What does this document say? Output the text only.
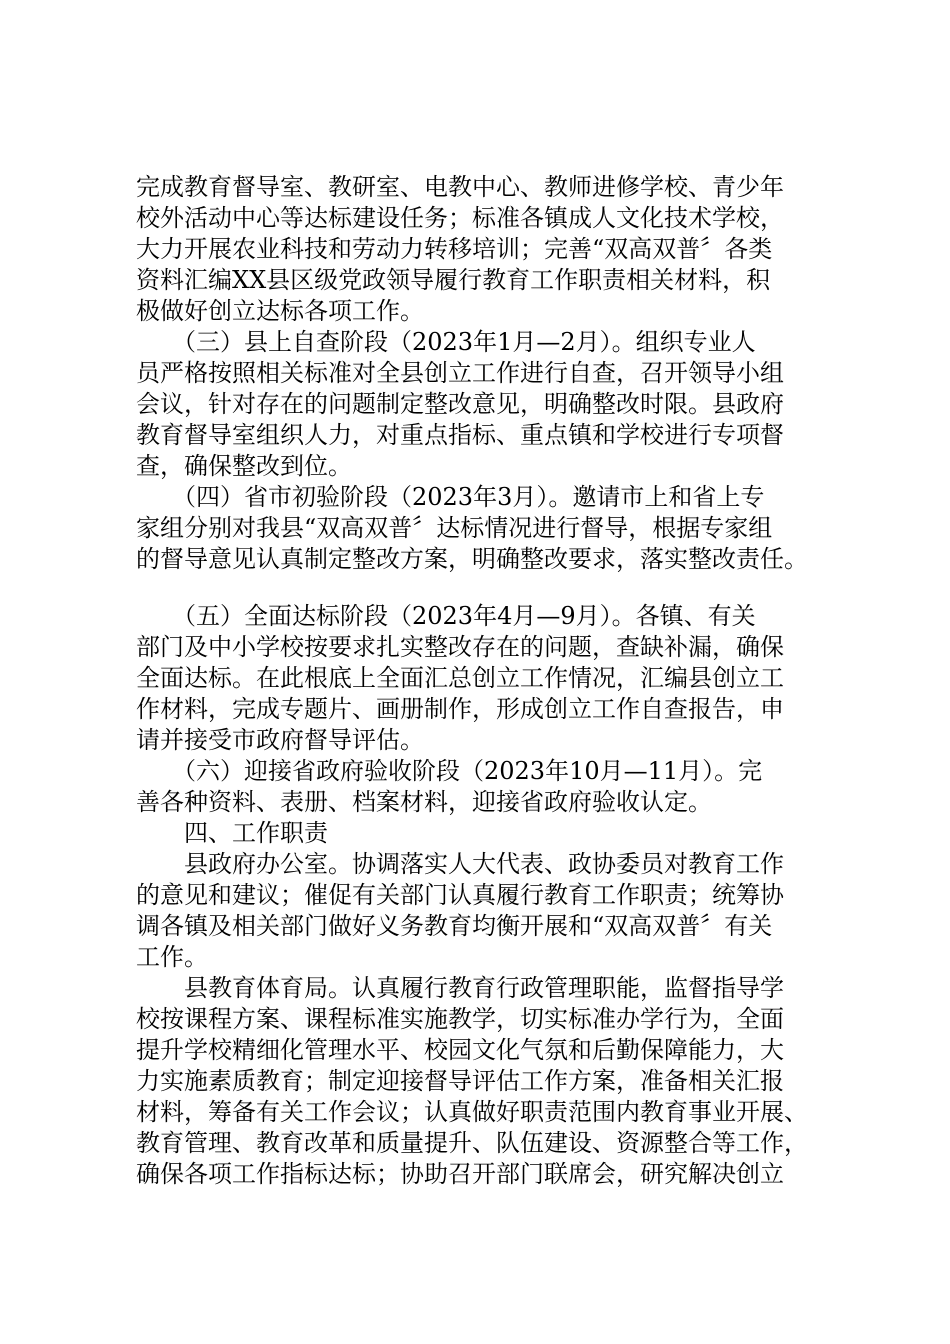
完成教育督导室、教研室、电教中心、教师进修学校、青少年

校外活动中心等达标建设任务；标准各镇成人文化技术学校，

大力开展农业科技和劳动力转移培训；完善“双高双普〞各类

资料汇编XX县区级党政领导履行教育工作职责相关材料，积

极做好创立达标各项工作。

　　（三）县上自查阶段（2023年1月—2月）。组织专业人

员严格按照相关标准对全县创立工作进行自查，召开领导小组

会议，针对存在的问题制定整改意见，明确整改时限。县政府

教育督导室组织人力，对重点指标、重点镇和学校进行专项督

查，确保整改到位。

　　（四）省市初验阶段（2023年3月）。邀请市上和省上专

家组分别对我县“双高双普〞达标情况进行督导，根据专家组

的督导意见认真制定整改方案，明确整改要求，落实整改责任。

　　（五）全面达标阶段（2023年4月—9月）。各镇、有关

部门及中小学校按要求扎实整改存在的问题，查缺补漏，确保

全面达标。在此根底上全面汇总创立工作情况，汇编县创立工

作材料，完成专题片、画册制作，形成创立工作自查报告，申

请并接受市政府督导评估。

　　（六）迎接省政府验收阶段（2023年10月—11月）。完

善各种资料、表册、档案材料，迎接省政府验收认定。

　　四、工作职责

　　县政府办公室。协调落实人大代表、政协委员对教育工作

的意见和建议；催促有关部门认真履行教育工作职责；统筹协

调各镇及相关部门做好义务教育均衡开展和“双高双普〞有关

工作。

　　县教育体育局。认真履行教育行政管理职能，监督指导学

校按课程方案、课程标准实施教学，切实标准办学行为，全面

提升学校精细化管理水平、校园文化气氛和后勤保障能力，大

力实施素质教育；制定迎接督导评估工作方案，准备相关汇报

材料，筹备有关工作会议；认真做好职责范围内教育事业开展、

教育管理、教育改革和质量提升、队伍建设、资源整合等工作，

确保各项工作指标达标；协助召开部门联席会，研究解决创立
